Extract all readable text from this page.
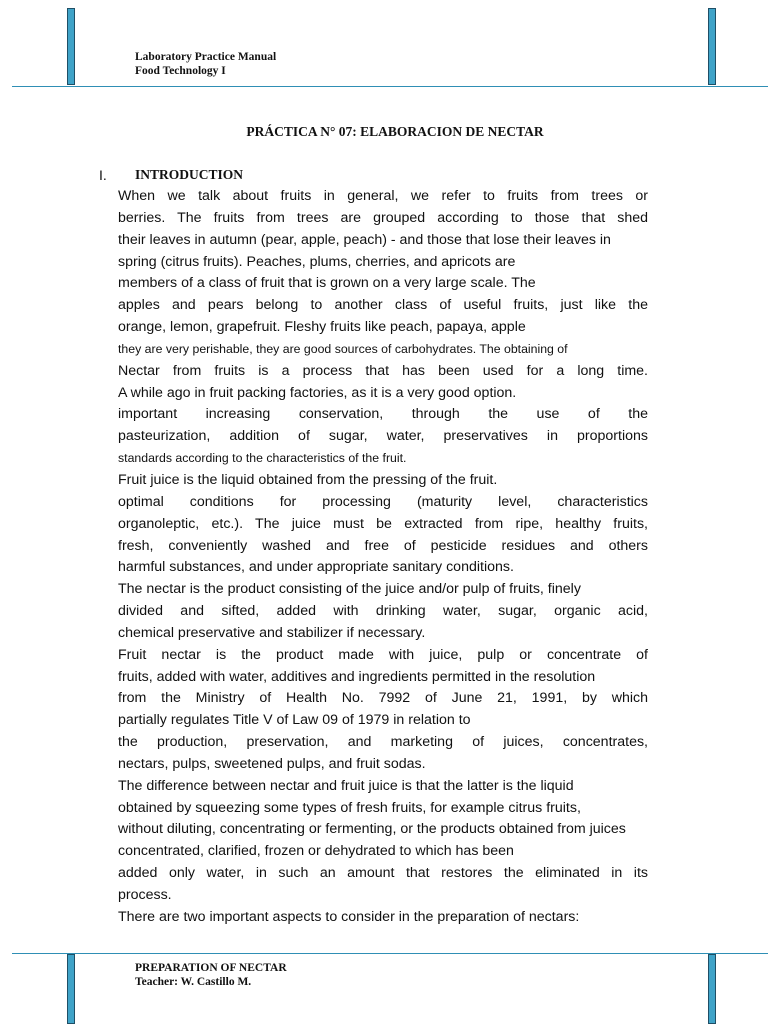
Laboratory Practice Manual
Food Technology I
PRÁCTICA N° 07: ELABORACION DE NECTAR
I. INTRODUCTION
When we talk about fruits in general, we refer to fruits from trees or
berries. The fruits from trees are grouped according to those that shed
their leaves in autumn (pear, apple, peach) - and those that lose their leaves in
spring (citrus fruits). Peaches, plums, cherries, and apricots are
members of a class of fruit that is grown on a very large scale. The
apples and pears belong to another class of useful fruits, just like the
orange, lemon, grapefruit. Fleshy fruits like peach, papaya, apple
they are very perishable, they are good sources of carbohydrates. The obtaining of
Nectar from fruits is a process that has been used for a long time.
A while ago in fruit packing factories, as it is a very good option.
important increasing conservation, through the use of the
pasteurization, addition of sugar, water, preservatives in proportions
standards according to the characteristics of the fruit.
Fruit juice is the liquid obtained from the pressing of the fruit.
optimal conditions for processing (maturity level, characteristics
organoleptic, etc.). The juice must be extracted from ripe, healthy fruits,
fresh, conveniently washed and free of pesticide residues and others
harmful substances, and under appropriate sanitary conditions.
The nectar is the product consisting of the juice and/or pulp of fruits, finely
divided and sifted, added with drinking water, sugar, organic acid,
chemical preservative and stabilizer if necessary.
Fruit nectar is the product made with juice, pulp or concentrate of
fruits, added with water, additives and ingredients permitted in the resolution
from the Ministry of Health No. 7992 of June 21, 1991, by which
partially regulates Title V of Law 09 of 1979 in relation to
the production, preservation, and marketing of juices, concentrates,
nectars, pulps, sweetened pulps, and fruit sodas.
The difference between nectar and fruit juice is that the latter is the liquid
obtained by squeezing some types of fresh fruits, for example citrus fruits,
without diluting, concentrating or fermenting, or the products obtained from juices
concentrated, clarified, frozen or dehydrated to which has been
added only water, in such an amount that restores the eliminated in its
process.
There are two important aspects to consider in the preparation of nectars:
PREPARATION OF NECTAR
Teacher: W. Castillo M.
